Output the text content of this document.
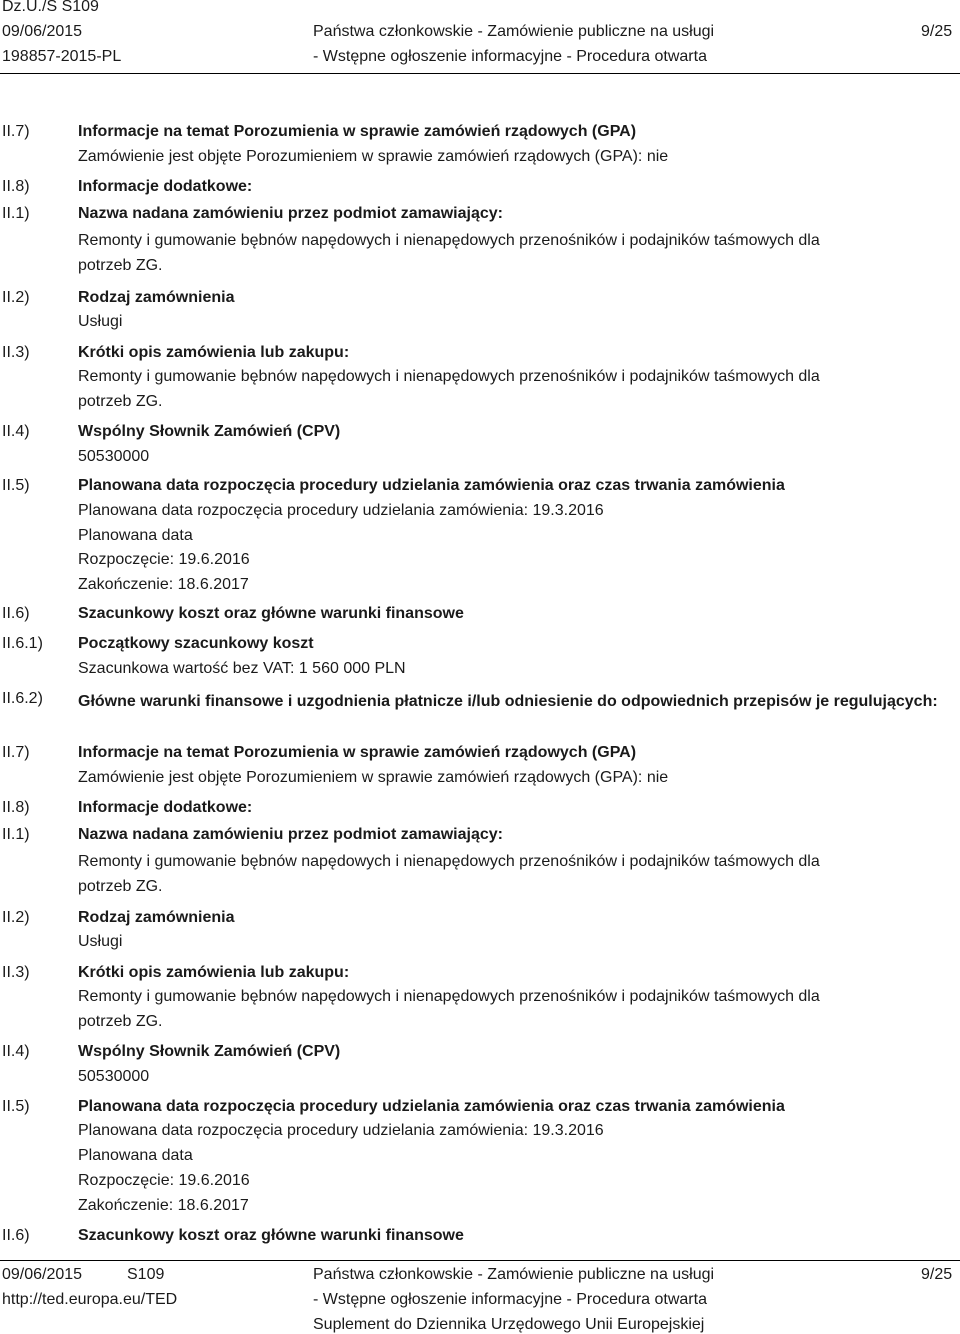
Dz.U./S S109
09/06/2015
198857-2015-PL
Państwa członkowskie - Zamówienie publiczne na usługi
- Wstępne ogłoszenie informacyjne - Procedura otwarta
9/25
II.7)
II.8)
II.1)
II.2)
II.3)
II.4)
II.5)
II.6)
II.6.1)
II.6.2)
II.7)
II.8)
II.1)
II.2)
II.3)
II.4)
II.5)
II.6)
Informacje na temat Porozumienia w sprawie zamówień rządowych (GPA)
Zamówienie jest objęte Porozumieniem w sprawie zamówień rządowych (GPA): nie
Informacje dodatkowe:
Nazwa nadana zamówieniu przez podmiot zamawiający:
Remonty i gumowanie bębnów napędowych i nienapędowych przenośników i podajników taśmowych dla
potrzeb ZG.
Rodzaj zamównienia
Usługi
Krótki opis zamówienia lub zakupu:
Remonty i gumowanie bębnów napędowych i nienapędowych przenośników i podajników taśmowych dla
potrzeb ZG.
Wspólny Słownik Zamówień (CPV)
50530000
Planowana data rozpoczęcia procedury udzielania zamówienia oraz czas trwania zamówienia
Planowana data rozpoczęcia procedury udzielania zamówienia: 19.3.2016
Planowana data
Rozpoczęcie: 19.6.2016
Zakończenie: 18.6.2017
Szacunkowy koszt oraz główne warunki finansowe
Początkowy szacunkowy koszt
Szacunkowa wartość bez VAT: 1 560 000 PLN
Główne warunki finansowe i uzgodnienia płatnicze i/lub odniesienie do odpowiednich przepisów je regulujących:
Informacje na temat Porozumienia w sprawie zamówień rządowych (GPA)
Zamówienie jest objęte Porozumieniem w sprawie zamówień rządowych (GPA): nie
Informacje dodatkowe:
Nazwa nadana zamówieniu przez podmiot zamawiający:
Remonty i gumowanie bębnów napędowych i nienapędowych przenośników i podajników taśmowych dla
potrzeb ZG.
Rodzaj zamównienia
Usługi
Krótki opis zamówienia lub zakupu:
Remonty i gumowanie bębnów napędowych i nienapędowych przenośników i podajników taśmowych dla
potrzeb ZG.
Wspólny Słownik Zamówień (CPV)
50530000
Planowana data rozpoczęcia procedury udzielania zamówienia oraz czas trwania zamówienia
Planowana data rozpoczęcia procedury udzielania zamówienia: 19.3.2016
Planowana data
Rozpoczęcie: 19.6.2016
Zakończenie: 18.6.2017
Szacunkowy koszt oraz główne warunki finansowe
09/06/2015	S109
http://ted.europa.eu/TED
Państwa członkowskie - Zamówienie publiczne na usługi
- Wstępne ogłoszenie informacyjne - Procedura otwarta
Suplement do Dziennika Urzędowego Unii Europejskiej
9/25
